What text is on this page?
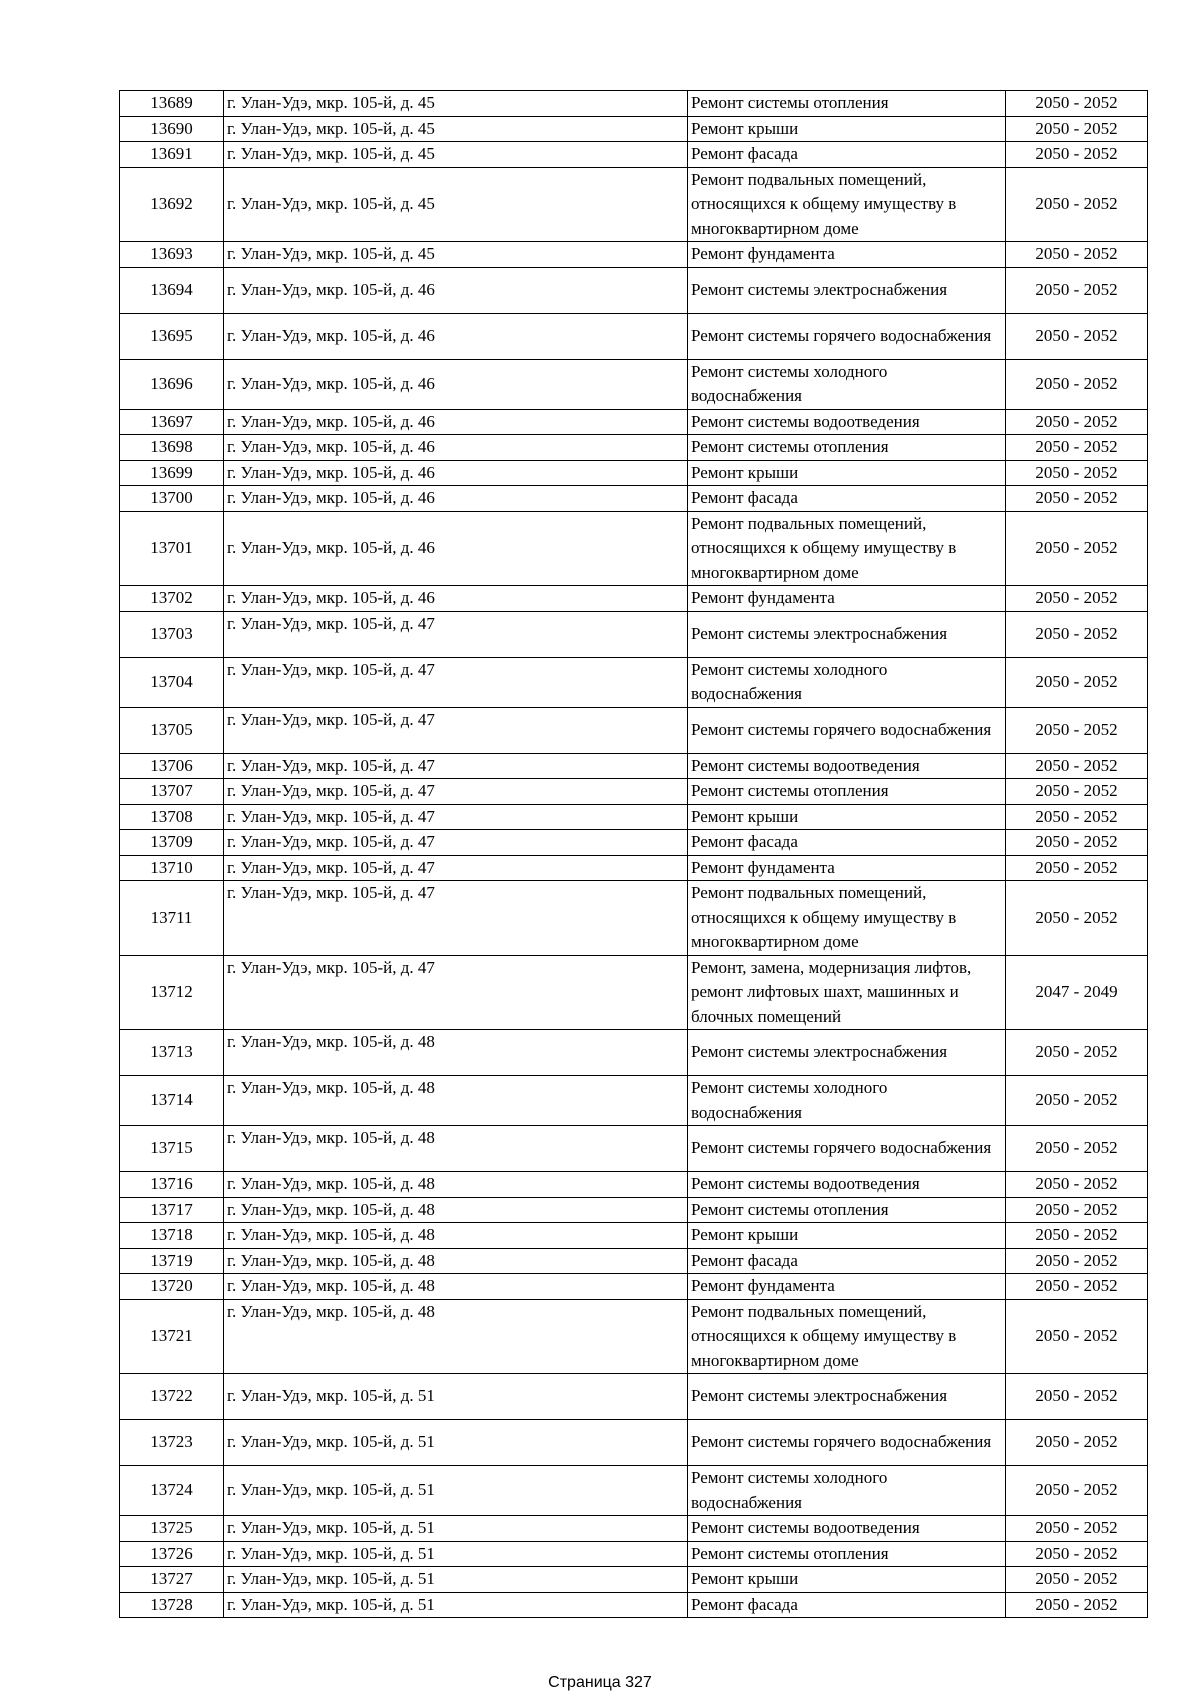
13689	г. Улан-Удэ, мкр. 105-й, д. 45	Ремонт системы отопления	2050 - 2052
13690	г. Улан-Удэ, мкр. 105-й, д. 45	Ремонт крыши	2050 - 2052
13691	г. Улан-Удэ, мкр. 105-й, д. 45	Ремонт фасада	2050 - 2052
13692	г. Улан-Удэ, мкр. 105-й, д. 45	Ремонт подвальных помещений, относящихся к общему имуществу в многоквартирном доме	2050 - 2052
13693	г. Улан-Удэ, мкр. 105-й, д. 45	Ремонт фундамента	2050 - 2052
13694	г. Улан-Удэ, мкр. 105-й, д. 46	Ремонт системы электроснабжения	2050 - 2052
13695	г. Улан-Удэ, мкр. 105-й, д. 46	Ремонт системы горячего водоснабжения	2050 - 2052
13696	г. Улан-Удэ, мкр. 105-й, д. 46	Ремонт системы холодного водоснабжения	2050 - 2052
13697	г. Улан-Удэ, мкр. 105-й, д. 46	Ремонт системы водоотведения	2050 - 2052
13698	г. Улан-Удэ, мкр. 105-й, д. 46	Ремонт системы отопления	2050 - 2052
13699	г. Улан-Удэ, мкр. 105-й, д. 46	Ремонт крыши	2050 - 2052
13700	г. Улан-Удэ, мкр. 105-й, д. 46	Ремонт фасада	2050 - 2052
13701	г. Улан-Удэ, мкр. 105-й, д. 46	Ремонт подвальных помещений, относящихся к общему имуществу в многоквартирном доме	2050 - 2052
13702	г. Улан-Удэ, мкр. 105-й, д. 46	Ремонт фундамента	2050 - 2052
13703	г. Улан-Удэ, мкр. 105-й, д. 47	Ремонт системы электроснабжения	2050 - 2052
13704	г. Улан-Удэ, мкр. 105-й, д. 47	Ремонт системы холодного водоснабжения	2050 - 2052
13705	г. Улан-Удэ, мкр. 105-й, д. 47	Ремонт системы горячего водоснабжения	2050 - 2052
13706	г. Улан-Удэ, мкр. 105-й, д. 47	Ремонт системы водоотведения	2050 - 2052
13707	г. Улан-Удэ, мкр. 105-й, д. 47	Ремонт системы отопления	2050 - 2052
13708	г. Улан-Удэ, мкр. 105-й, д. 47	Ремонт крыши	2050 - 2052
13709	г. Улан-Удэ, мкр. 105-й, д. 47	Ремонт фасада	2050 - 2052
13710	г. Улан-Удэ, мкр. 105-й, д. 47	Ремонт фундамента	2050 - 2052
13711	г. Улан-Удэ, мкр. 105-й, д. 47	Ремонт подвальных помещений, относящихся к общему имуществу в многоквартирном доме	2050 - 2052
13712	г. Улан-Удэ, мкр. 105-й, д. 47	Ремонт, замена, модернизация лифтов, ремонт лифтовых шахт, машинных и блочных помещений	2047 - 2049
13713	г. Улан-Удэ, мкр. 105-й, д. 48	Ремонт системы электроснабжения	2050 - 2052
13714	г. Улан-Удэ, мкр. 105-й, д. 48	Ремонт системы холодного водоснабжения	2050 - 2052
13715	г. Улан-Удэ, мкр. 105-й, д. 48	Ремонт системы горячего водоснабжения	2050 - 2052
13716	г. Улан-Удэ, мкр. 105-й, д. 48	Ремонт системы водоотведения	2050 - 2052
13717	г. Улан-Удэ, мкр. 105-й, д. 48	Ремонт системы отопления	2050 - 2052
13718	г. Улан-Удэ, мкр. 105-й, д. 48	Ремонт крыши	2050 - 2052
13719	г. Улан-Удэ, мкр. 105-й, д. 48	Ремонт фасада	2050 - 2052
13720	г. Улан-Удэ, мкр. 105-й, д. 48	Ремонт фундамента	2050 - 2052
13721	г. Улан-Удэ, мкр. 105-й, д. 48	Ремонт подвальных помещений, относящихся к общему имуществу в многоквартирном доме	2050 - 2052
13722	г. Улан-Удэ, мкр. 105-й, д. 51	Ремонт системы электроснабжения	2050 - 2052
13723	г. Улан-Удэ, мкр. 105-й, д. 51	Ремонт системы горячего водоснабжения	2050 - 2052
13724	г. Улан-Удэ, мкр. 105-й, д. 51	Ремонт системы холодного водоснабжения	2050 - 2052
13725	г. Улан-Удэ, мкр. 105-й, д. 51	Ремонт системы водоотведения	2050 - 2052
13726	г. Улан-Удэ, мкр. 105-й, д. 51	Ремонт системы отопления	2050 - 2052
13727	г. Улан-Удэ, мкр. 105-й, д. 51	Ремонт крыши	2050 - 2052
13728	г. Улан-Удэ, мкр. 105-й, д. 51	Ремонт фасада	2050 - 2052
Страница 327
